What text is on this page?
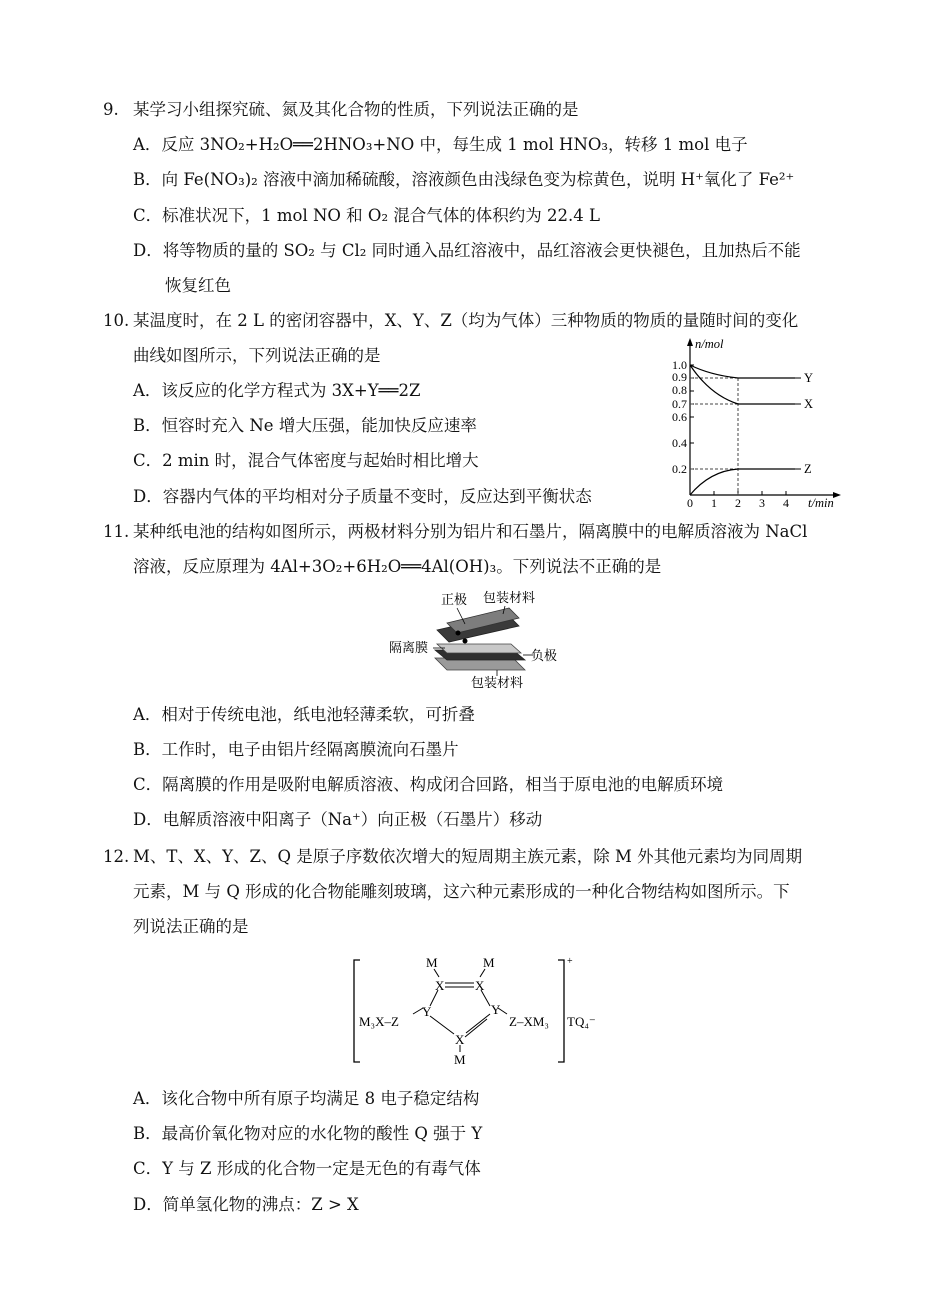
9. 某学习小组探究硫、氮及其化合物的性质，下列说法正确的是
A．反应 3NO₂+H₂O══2HNO₃+NO 中，每生成 1 mol HNO₃，转移 1 mol 电子
B．向 Fe(NO₃)₂ 溶液中滴加稀硫酸，溶液颜色由浅绿色变为棕黄色，说明 H⁺氧化了 Fe²⁺
C．标准状况下，1 mol NO 和 O₂ 混合气体的体积约为 22.4 L
D．将等物质的量的 SO₂ 与 Cl₂ 同时通入品红溶液中，品红溶液会更快褪色，且加热后不能
恢复红色
10. 某温度时，在 2 L 的密闭容器中，X、Y、Z（均为气体）三种物质的物质的量随时间的变化
曲线如图所示，下列说法正确的是
A．该反应的化学方程式为 3X+Y══2Z
B．恒容时充入 Ne 增大压强，能加快反应速率
C．2 min 时，混合气体密度与起始时相比增大
D．容器内气体的平均相对分子质量不变时，反应达到平衡状态
n/mol
1.0
0.9
0.8
0.7
0.6
0.4
0.2
0 1 2 3 4 t/min
Y
X
Z
11. 某种纸电池的结构如图所示，两极材料分别为铝片和石墨片，隔离膜中的电解质溶液为 NaCl
溶液，反应原理为 4Al+3O₂+6H₂O══4Al(OH)₃。下列说法不正确的是
正极 包装材料
隔离膜
负极
包装材料
A．相对于传统电池，纸电池轻薄柔软，可折叠
B．工作时，电子由铝片经隔离膜流向石墨片
C．隔离膜的作用是吸附电解质溶液、构成闭合回路，相当于原电池的电解质环境
D．电解质溶液中阳离子（Na⁺）向正极（石墨片）移动
12. M、T、X、Y、Z、Q 是原子序数依次增大的短周期主族元素，除 M 外其他元素均为同周期
元素，M 与 Q 形成的化合物能雕刻玻璃，这六种元素形成的一种化合物结构如图所示。下
列说法正确的是
M	M
X X
Y	Y
X
M
M₃X–Z	Z–XM₃
+
TQ₄⁻
A．该化合物中所有原子均满足 8 电子稳定结构
B．最高价氧化物对应的水化物的酸性 Q 强于 Y
C．Y 与 Z 形成的化合物一定是无色的有毒气体
D．简单氢化物的沸点：Z > X
